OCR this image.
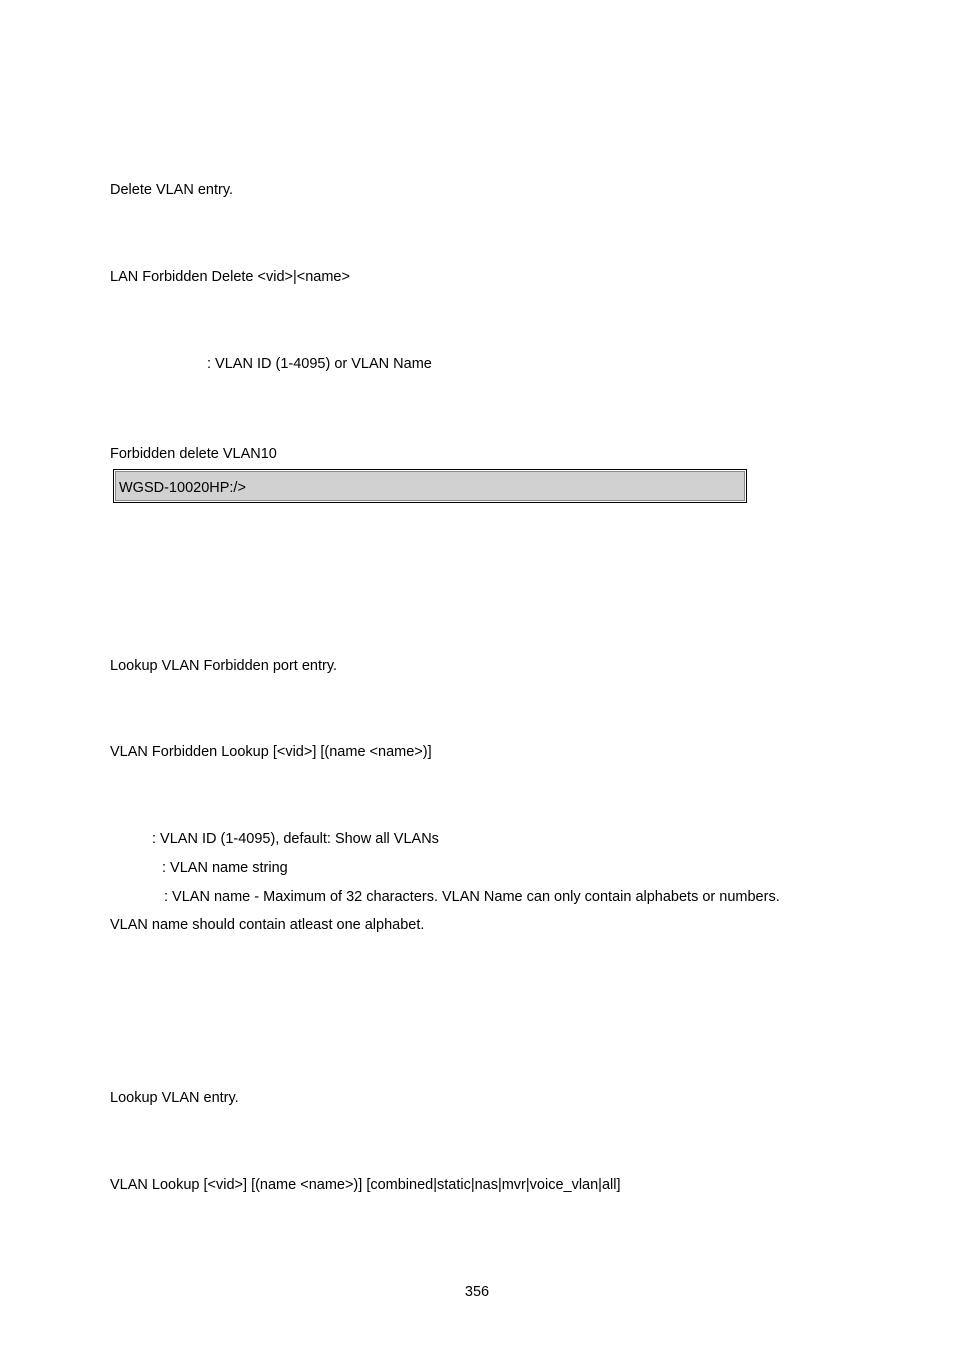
Delete VLAN entry.
LAN Forbidden Delete <vid>|<name>
: VLAN ID (1-4095) or VLAN Name
Forbidden delete VLAN10
WGSD-10020HP:/>
Lookup VLAN Forbidden port entry.
VLAN Forbidden Lookup [<vid>] [(name <name>)]
: VLAN ID (1-4095), default: Show all VLANs
: VLAN name string
: VLAN name - Maximum of 32 characters. VLAN Name can only contain alphabets or numbers.
VLAN name should contain atleast one alphabet.
Lookup VLAN entry.
VLAN Lookup [<vid>] [(name <name>)] [combined|static|nas|mvr|voice_vlan|all]
356
